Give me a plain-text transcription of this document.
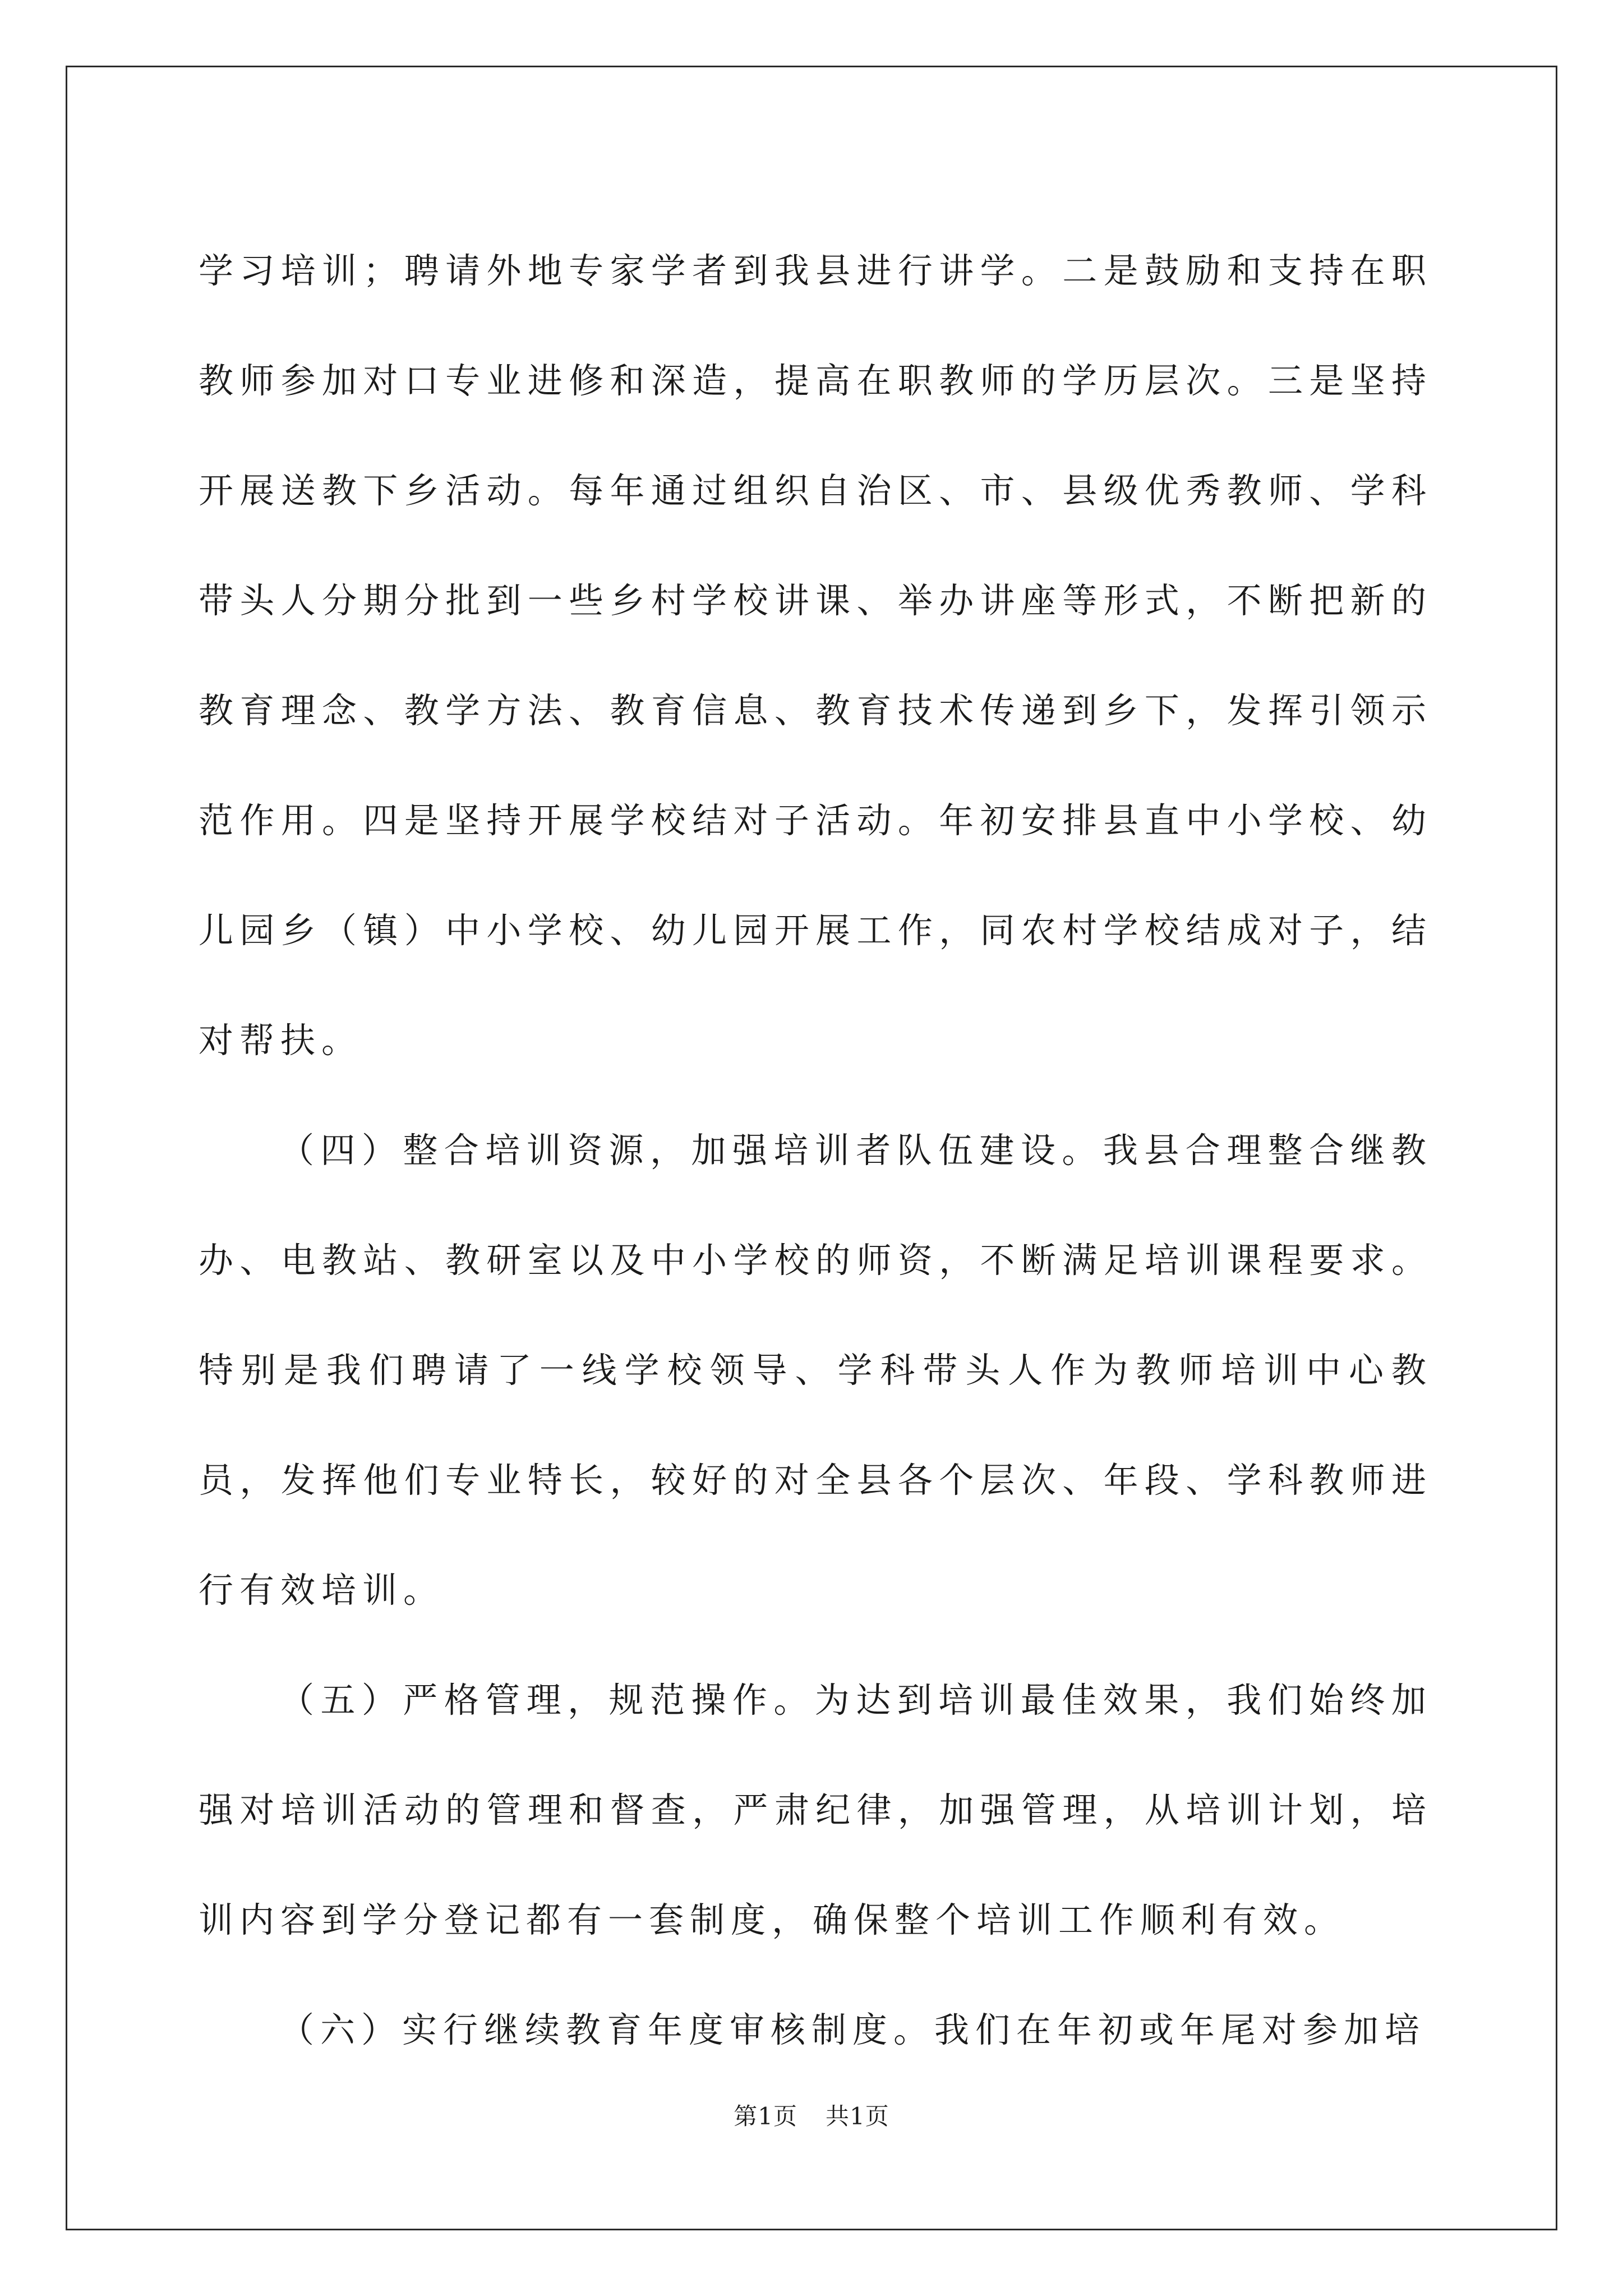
学习培训；聘请外地专家学者到我县进行讲学。二是鼓励和支持在职教师参加对口专业进修和深造，提高在职教师的学历层次。三是坚持开展送教下乡活动。每年通过组织自治区、市、县级优秀教师、学科带头人分期分批到一些乡村学校讲课、举办讲座等形式，不断把新的教育理念、教学方法、教育信息、教育技术传递到乡下，发挥引领示范作用。四是坚持开展学校结对子活动。年初安排县直中小学校、幼儿园乡（镇）中小学校、幼儿园开展工作，同农村学校结成对子，结对帮扶。

（四）整合培训资源，加强培训者队伍建设。我县合理整合继教办、电教站、教研室以及中小学校的师资，不断满足培训课程要求。特别是我们聘请了一线学校领导、学科带头人作为教师培训中心教员，发挥他们专业特长，较好的对全县各个层次、年段、学科教师进行有效培训。

（五）严格管理，规范操作。为达到培训最佳效果，我们始终加强对培训活动的管理和督查，严肃纪律，加强管理，从培训计划，培训内容到学分登记都有一套制度，确保整个培训工作顺利有效。

（六）实行继续教育年度审核制度。我们在年初或年尾对参加培

第1页 共1页
